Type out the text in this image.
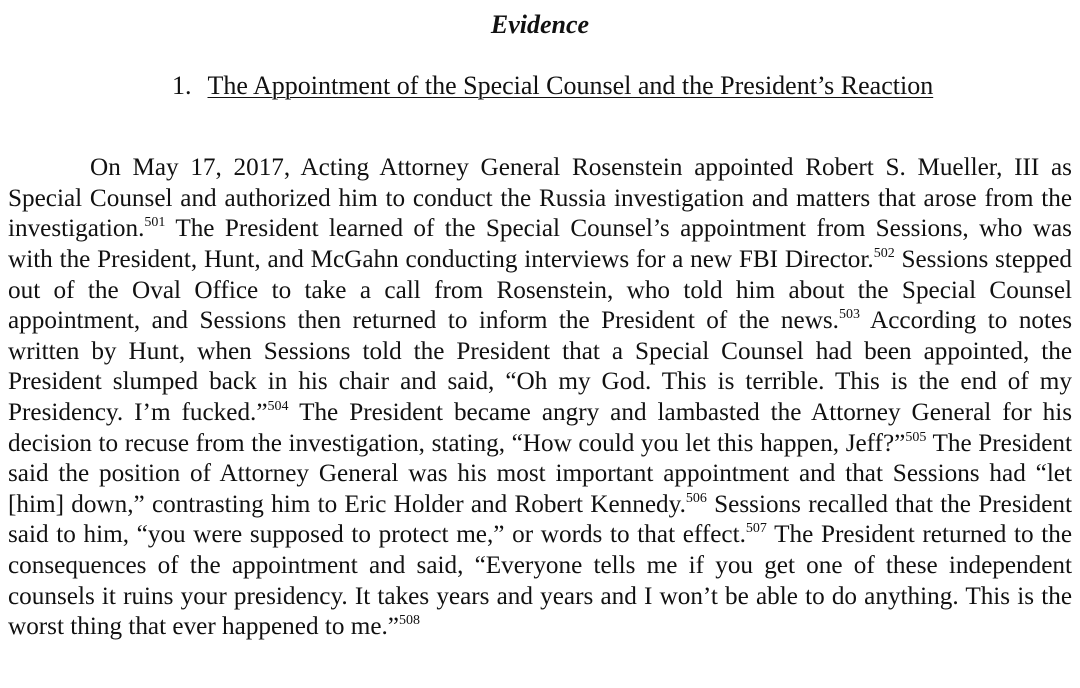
Evidence
1. The Appointment of the Special Counsel and the President’s Reaction

On May 17, 2017, Acting Attorney General Rosenstein appointed Robert S. Mueller, III as Special Counsel and authorized him to conduct the Russia investigation and matters that arose from the investigation.$^{501}$ The President learned of the Special Counsel’s appointment from Sessions, who was with the President, Hunt, and McGahn conducting interviews for a new FBI Director.$^{502}$ Sessions stepped out of the Oval Office to take a call from Rosenstein, who told him about the Special Counsel appointment, and Sessions then returned to inform the President of the news.$^{503}$ According to notes written by Hunt, when Sessions told the President that a Special Counsel had been appointed, the President slumped back in his chair and said, “Oh my God. This is terrible. This is the end of my Presidency. I’m fucked.”$^{504}$ The President became angry and lambasted the Attorney General for his decision to recuse from the investigation, stating, “How could you let this happen, Jeff?”$^{505}$ The President said the position of Attorney General was his most important appointment and that Sessions had “let [him] down,” contrasting him to Eric Holder and Robert Kennedy.$^{506}$ Sessions recalled that the President said to him, “you were supposed to protect me,” or words to that effect.$^{507}$ The President returned to the consequences of the appointment and said, “Everyone tells me if you get one of these independent counsels it ruins your presidency. It takes years and years and I won’t be able to do anything. This is the worst thing that ever happened to me.”$^{508}$
